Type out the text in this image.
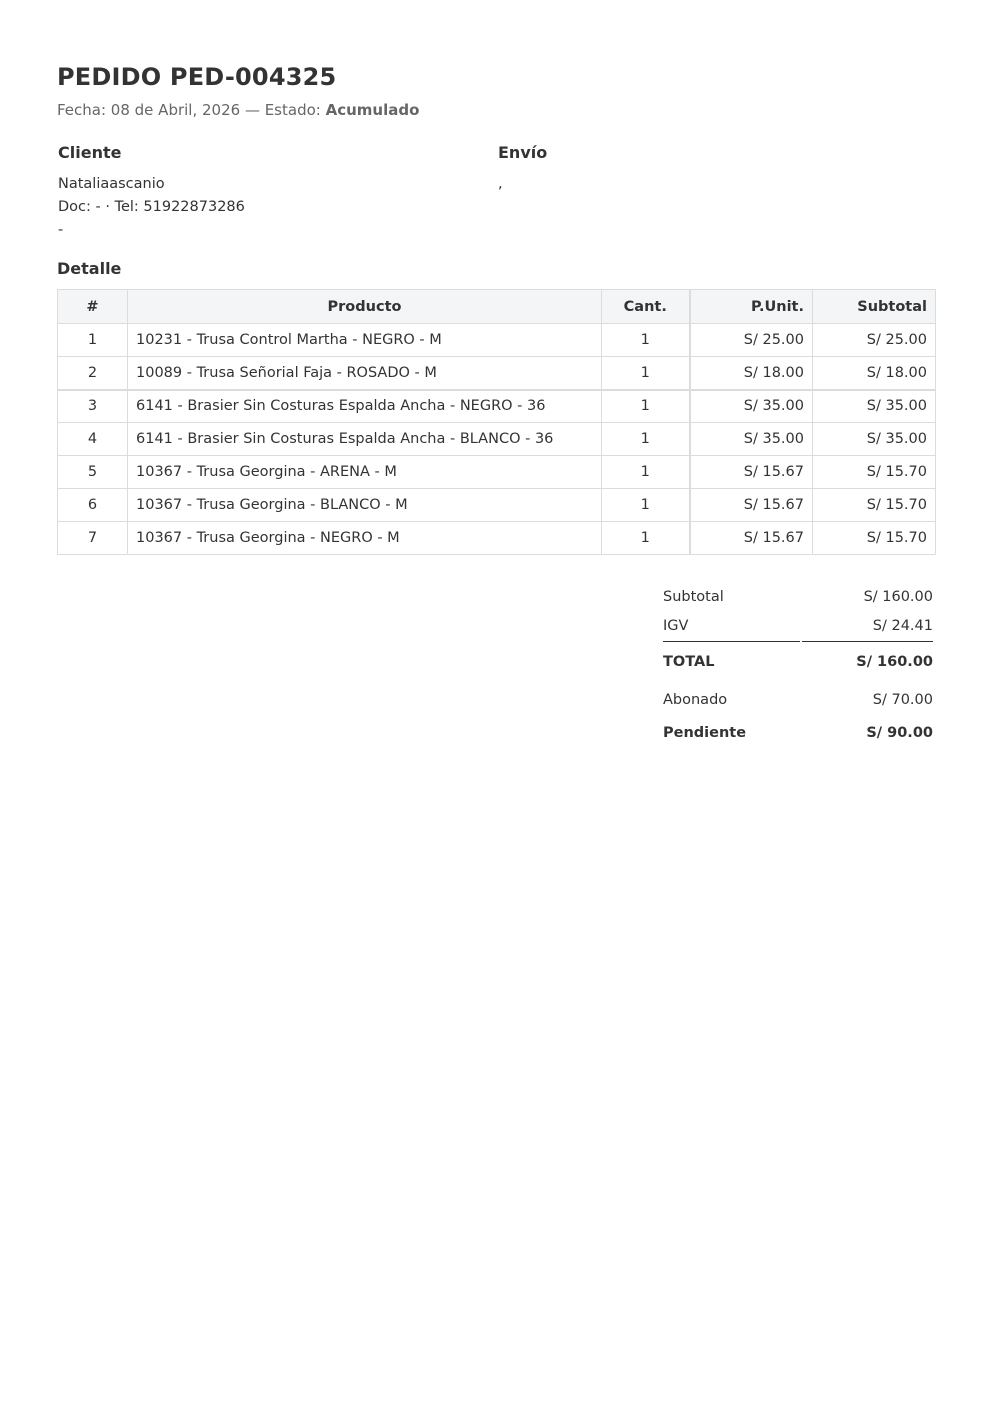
PEDIDO PED-004325
Fecha: 08 de Abril, 2026 — Estado: Acumulado
Cliente
Nataliaascanio
Doc: - · Tel: 51922873286
-
Envío
,
Detalle
#	Producto	Cant.	P.Unit.	Subtotal
1	10231 - Trusa Control Martha - NEGRO - M	1	S/ 25.00	S/ 25.00
2	10089 - Trusa Señorial Faja - ROSADO - M	1	S/ 18.00	S/ 18.00
3	6141 - Brasier Sin Costuras Espalda Ancha - NEGRO - 36	1	S/ 35.00	S/ 35.00
4	6141 - Brasier Sin Costuras Espalda Ancha - BLANCO - 36	1	S/ 35.00	S/ 35.00
5	10367 - Trusa Georgina - ARENA - M	1	S/ 15.67	S/ 15.70
6	10367 - Trusa Georgina - BLANCO - M	1	S/ 15.67	S/ 15.70
7	10367 - Trusa Georgina - NEGRO - M	1	S/ 15.67	S/ 15.70
Subtotal	S/ 160.00
IGV	S/ 24.41
TOTAL	S/ 160.00
Abonado	S/ 70.00
Pendiente	S/ 90.00
